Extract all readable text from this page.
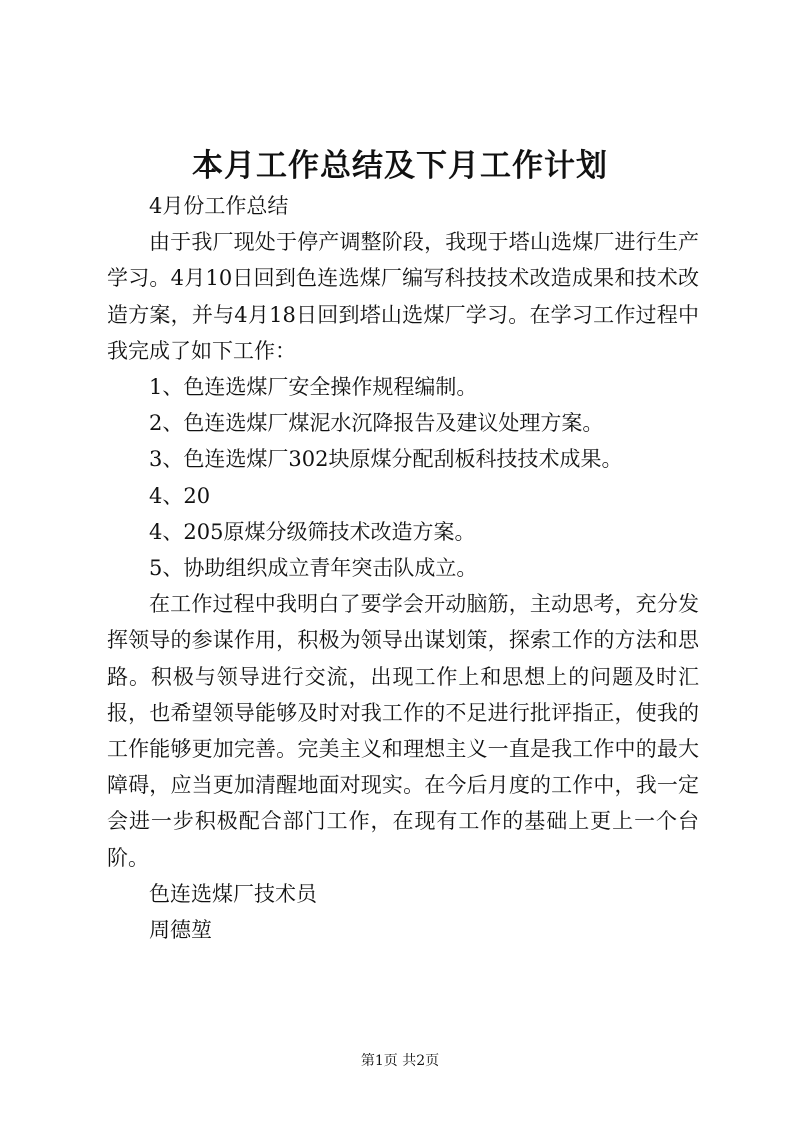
本月工作总结及下月工作计划

4月份工作总结

由于我厂现处于停产调整阶段，我现于塔山选煤厂进行生产学习。4月10日回到色连选煤厂编写科技技术改造成果和技术改造方案，并与4月18日回到塔山选煤厂学习。在学习工作过程中我完成了如下工作：

1、色连选煤厂安全操作规程编制。

2、色连选煤厂煤泥水沉降报告及建议处理方案。

3、色连选煤厂302块原煤分配刮板科技技术成果。

4、20

4、205原煤分级筛技术改造方案。

5、协助组织成立青年突击队成立。

在工作过程中我明白了要学会开动脑筋，主动思考，充分发挥领导的参谋作用，积极为领导出谋划策，探索工作的方法和思路。积极与领导进行交流，出现工作上和思想上的问题及时汇报，也希望领导能够及时对我工作的不足进行批评指正，使我的工作能够更加完善。完美主义和理想主义一直是我工作中的最大障碍，应当更加清醒地面对现实。在今后月度的工作中，我一定会进一步积极配合部门工作，在现有工作的基础上更上一个台阶。

色连选煤厂技术员

周德堃

第1页 共2页
